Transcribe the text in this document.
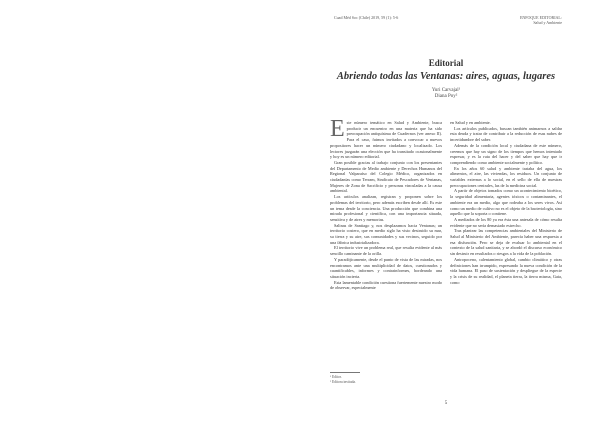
Cuad Méd Soc (Chile) 2019, 59 (1): 5-6	ENFOQUE EDITORIAL:
Salud y Ambiente

Editorial

Abriendo todas las Ventanas: aires, aguas, lugares

Yuri Carvajal¹
Diana Poy²

Este número temático en Salud y Ambiente, busca producir un encuentro en una materia que ha sido preocupación antiquísima de Cuadernos (ver anexo II). Para el caso, fuimos invitados a convocar a nuevos propositores hacer un número ciudadano y localizado. Los lectores juzgarán una elección que ha transitado ocasionalmente y hoy es un número editorial.

Gran posible gracias al trabajo conjunto con los presentantes del Departamento de Medio ambiente y Derechos Humanos del Regional Valparaíso del Colegio Médico, organizados en ciudadanías como Terram, Sindicato de Pescadores de Ventanas, Mujeres de Zona de Sacrificio y personas vinculadas a la causa ambiental.

Los artículos analizan, registran y proponen sobre los problemas del territorio, pero además escriben desde allí. Es este un tema desde la conciencia. Una producción que combina una mirada profesional y científica, con una importancia situada, sensitiva y de aires y memorias.

Salinas de Santiago y, nos desplazamos hacia Ventanas; un territorio costero, que en medio siglo ha visto destruido su mar, su tierra y su aire, sus comunidades y sus vecinos, seguido por una fábrica industrializadora.

El territorio vive un problema real, que resulta evidente al más sencillo caminante de la orilla.

Y paradójicamente, desde el punto de vista de las miradas, nos encontramos ante una multiplicidad de datos, cuestionados y cuantificables, informes y contrainformes, bordeando una situación incierta.

Esta lamentable condición cuestiona fuertemente nuestro modo de observar, especialmente

en Salud y en ambiente.

Los artículos publicados, buscan también animarnos a saldar esta deuda y tratar de contribuir a la reducción de esas nubes de incertidumbre del saber.

Además de la condición local y ciudadana de este número, creemos que hay un signo de los tiempos que hemos intentado expresar, y es la ruta del hacer y del saber que hay que ir comprendiendo como ambiente socialmente y político.

En los años 60 salud y ambiente trataba del agua, los alimentos, el aire, las viviendas, los residuos. Un conjunto de variables externas a lo social, en el sello de ella de nuestras preocupaciones centrales, las de la medicina social.

A partir de objetos tomados como un acontecimiento bioético, la seguridad alimentaria, agentes tóxicos o contaminantes, el ambiente era un medio, algo que rodeaba a los seres vivos. Así como un medio de cultivo no es el objeto de la bacteriología, sino aquello que la soporta o contiene.

A mediados de los 80 ya era ésta una antesala de cómo resulta evidente que no sería demasiado estrecho.

Tras plantear las competencias ambientales del Ministerio de Salud al Ministerio del Ambiente, parecía haber una respuesta a esa disfunción. Pero se deja de evaluar lo ambiental en el contexto de la salud sanitaria, y se abordó el discurso económico sin destruir en resultados o riesgos a la vida de la población.

Antropoceno, calentamiento global, cambio climático y otras definiciones han irrumpido, expresando la nueva condición de la vida humana. El paso de sustentación y despliegue de la especie y la crisis de su realidad, el planeta tierra, la tierra misma, Gaia, como

¹ Editor.
² Editora invitada.
5
